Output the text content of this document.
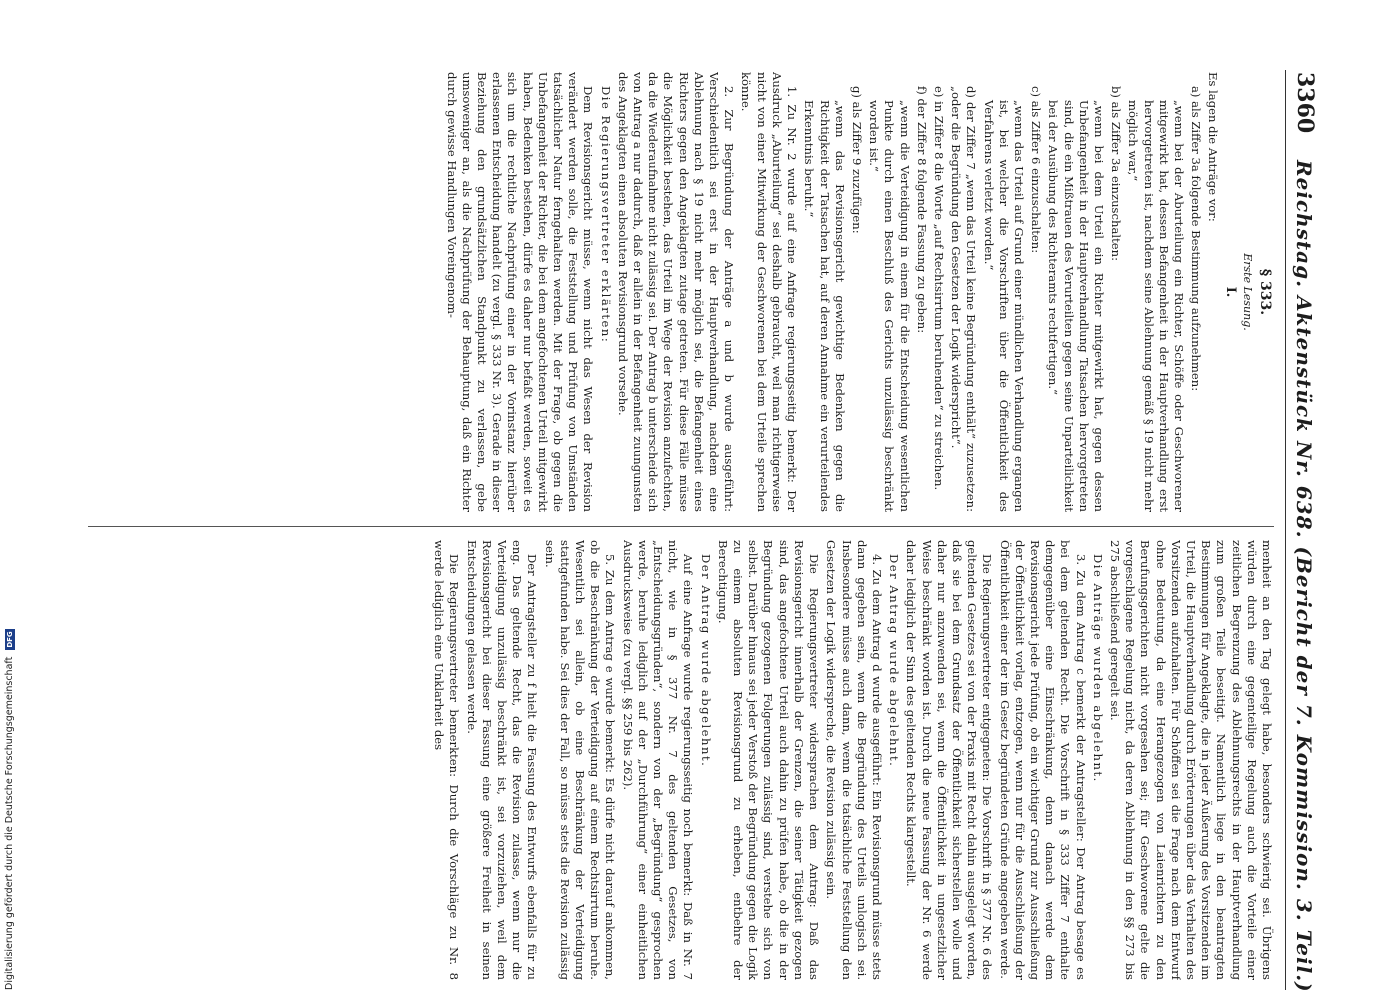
Digitalisierung gefördert durch die Deutsche Forschungsgemeinschaft DFG
3360
Reichstag. Aktenstück Nr. 638. (Bericht der 7. Kommission. 3. Teil.)
§ 333.
Erste Lesung.
I.

Es lagen die Anträge vor:

a) als Ziffer 3a folgende Bestimmung aufzunehmen:

„wenn bei der Aburteilung ein Richter, Schöffe oder Geschworener mitgewirkt hat, dessen Befangenheit in der Hauptverhandlung erst hervorgetreten ist, nachdem seine Ablehnung gemäß § 19 nicht mehr möglich war,“

b) als Ziffer 3a einzuschalten:

„wenn bei dem Urteil ein Richter mitgewirkt hat, gegen dessen Unbefangenheit in der Hauptverhandlung Tatsachen hervorgetreten sind, die ein Mißtrauen des Verurteilten gegen seine Unparteilichkeit bei der Ausübung des Richteramts rechtfertigen.“

c) als Ziffer 6 einzuschalten:

„wenn das Urteil auf Grund einer mündlichen Verhandlung ergangen ist, bei welcher die Vorschriften über die Öffentlichkeit des Verfahrens verletzt worden.“

d) der Ziffer 7 „wenn das Urteil keine Begründung enthält“ zuzusetzen: „oder die Begründung den Gesetzen der Logik widerspricht“.

e) in Ziffer 8 die Worte „auf Rechtsirrtum beruhenden“ zu streichen.

f) der Ziffer 8 folgende Fassung zu geben:

„wenn die Verteidigung in einem für die Entscheidung wesentlichen Punkte durch einen Beschluß des Gerichts unzulässig beschränkt worden ist.“

g) als Ziffer 9 zuzufügen:

„wenn das Revisionsgericht gewichtige Bedenken gegen die Richtigkeit der Tatsachen hat, auf deren Annahme ein verurteilendes Erkenntnis beruht.“

1. Zu Nr. 2 wurde auf eine Anfrage regierungsseitig bemerkt: Der Ausdruck „Aburteilung“ sei deshalb gebraucht, weil man richtigerweise nicht von einer Mitwirkung der Geschworenen bei dem Urteile sprechen könne.

2. Zur Begründung der Anträge a und b wurde ausgeführt: Verschiedentlich sei erst in der Hauptverhandlung, nachdem eine Ablehnung nach § 19 nicht mehr möglich sei, die Befangenheit eines Richters gegen den Angeklagten zutage getreten. Für diese Fälle müsse die Möglichkeit bestehen, das Urteil im Wege der Revision anzufechten, da die Wiederaufnahme nicht zulässig sei. Der Antrag b unterscheide sich von Antrag a nur dadurch, daß er allein in der Befangenheit zuungunsten des Angeklagten einen absoluten Revisionsgrund vorsehe.

Die Regierungsvertreter erklärten:

Dem Revisionsgericht müsse, wenn nicht das Wesen der Revision verändert werden solle, die Feststellung und Prüfung von Umständen tatsächlicher Natur ferngehalten werden. Mit der Frage, ob gegen die Unbefangenheit der Richter, die bei dem angefochtenen Urteil mitgewirkt haben, Bedenken bestehen, dürfe es daher nur befaßt werden, soweit es sich um die rechtliche Nachprüfung einer in der Vorinstanz hierüber erlassenen Entscheidung handelt (zu vergl. § 333 Nr. 3). Gerade in dieser Beziehung den grundsätzlichen Standpunkt zu verlassen, gebe umsoweniger an, als die Nachprüfung der Behauptung, daß ein Richter durch gewisse Handlungen Voreingenom-

menheit an den Tag gelegt habe, besonders schwierig sei. Übrigens würden durch eine gegenteilige Regelung auch die Vorteile einer zeitlichen Begrenzung des Ablehnungsrechts in der Hauptverhandlung zum großen Teile beseitigt. Namentlich liege in den beantragten Bestimmungen für Angeklagte, die in jeder Äußerung des Vorsitzenden im Urteil, die Hauptverhandlung durch Erörterungen über das Verhalten des Vorsitzenden aufzuhalten. Für Schöffen sei die Frage nach dem Entwurf ohne Bedeutung, da eine Herangezogen von Laienrichtern zu den Berufungsgerichten nicht vorgesehen sei; für Geschworene gelte die vorgeschlagene Regelung nicht, da deren Ablehnung in den §§ 273 bis 275 abschließend geregelt sei.

Die Anträge wurden abgelehnt.

3. Zu dem Antrag c bemerkt der Antragsteller: Der Antrag besage es bei dem geltenden Recht. Die Vorschrift in § 333 Ziffer 7 enthalte demgegenüber eine Einschränkung, denn danach werde dem Revisionsgericht jede Prüfung, ob ein wichtiger Grund zur Ausschließung der Öffentlichkeit vorlag, entzogen, wenn nur für die Ausschließung der Öffentlichkeit einer der im Gesetz begründeten Gründe angegeben werde.

Die Regierungsvertreter entgegneten: Die Vorschrift in § 377 Nr. 6 des geltenden Gesetzes sei von der Praxis mit Recht dahin ausgelegt worden, daß sie bei dem Grundsatz der Öffentlichkeit sicherstellen wolle und daher nur anzuwenden sei, wenn die Öffentlichkeit in ungesetzlicher Weise beschränkt worden ist. Durch die neue Fassung der Nr. 6 werde daher lediglich der Sinn des geltenden Rechts klargestellt.

Der Antrag wurde abgelehnt.

4. Zu dem Antrag d wurde ausgeführt: Ein Revisionsgrund müsse stets dann gegeben sein, wenn die Begründung des Urteils unlogisch sei. Insbesondere müsse auch dann, wenn die tatsächliche Feststellung den Gesetzen der Logik widerspreche, die Revision zulässig sein.

Die Regierungsvertreter widersprachen dem Antrag: Daß das Revisionsgericht innerhalb der Grenzen, die seiner Tätigkeit gezogen sind, das angefochtene Urteil auch dahin zu prüfen habe, ob die in der Begründung gezogenen Folgerungen zulässig sind, verstehe sich von selbst. Darüber hinaus sei jeder Verstoß der Begründung gegen die Logik zu einem absoluten Revisionsgrund zu erheben, entbehre der Berechtigung.

Der Antrag wurde abgelehnt.

Auf eine Anfrage wurde regierungsseitig noch bemerkt: Daß in Nr. 7 nicht, wie in § 377 Nr. 7 des geltenden Gesetzes, von „Entscheidungsgründen“, sondern von der „Begründung“ gesprochen werde, beruhe lediglich auf der „Durchführung“ einer einheitlichen Ausdrucksweise (zu vergl. §§ 259 bis 262).

5. Zu dem Antrag e wurde bemerkt: Es dürfe nicht darauf ankommen, ob die Beschränkung der Verteidigung auf einem Rechtsirrtum beruhe. Wesentlich sei allein, ob eine Beschränkung der Verteidigung stattgefunden habe. Sei dies der Fall, so müsse stets die Revision zulässig sein.

Der Antragsteller zu f hielt die Fassung des Entwurfs ebenfalls für zu eng. Das geltende Recht, das die Revision zulasse, wenn nur die Verteidigung unzulässig beschränkt ist, sei vorzuziehen, weil dem Revisionsgericht bei dieser Fassung eine größere Freiheit in seinen Entscheidungen gelassen werde.

Die Regierungsvertreter bemerkten: Durch die Vorschläge zu Nr. 8 werde lediglich eine Unklarheit des
